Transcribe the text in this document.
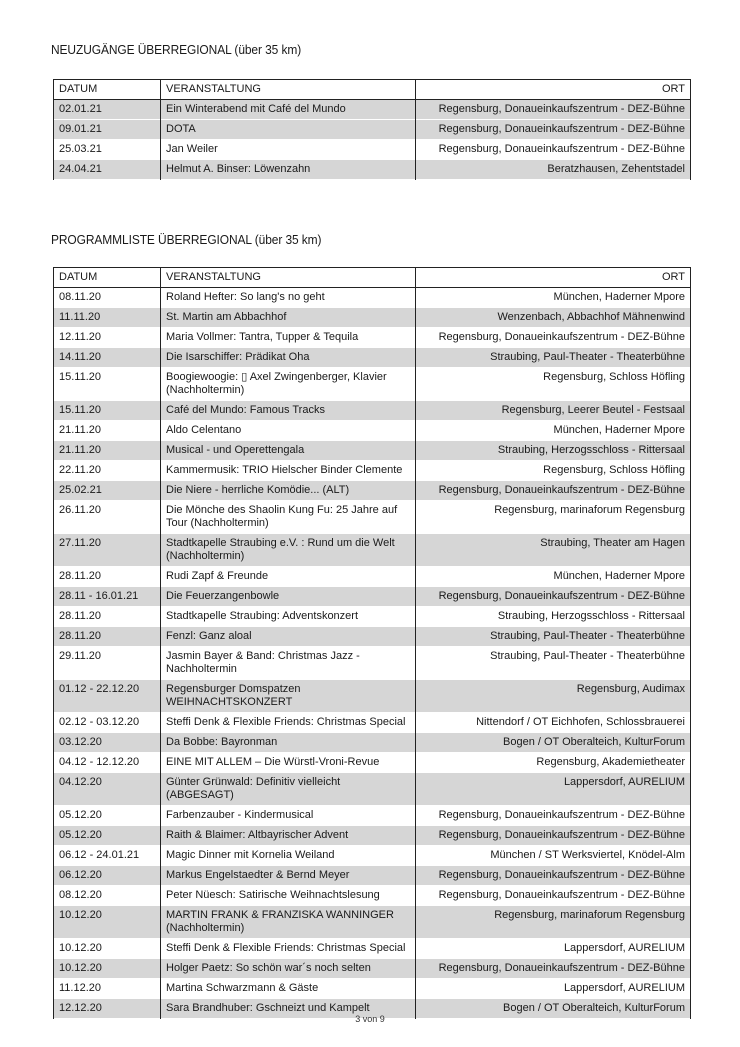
NEUZUGÄNGE ÜBERREGIONAL (über 35 km)
DATUM	VERANSTALTUNG	ORT
02.01.21	Ein Winterabend mit Café del Mundo	Regensburg, Donaueinkaufszentrum - DEZ-Bühne
09.01.21	DOTA	Regensburg, Donaueinkaufszentrum - DEZ-Bühne
25.03.21	Jan Weiler	Regensburg, Donaueinkaufszentrum - DEZ-Bühne
24.04.21	Helmut A. Binser: Löwenzahn	Beratzhausen, Zehentstadel
PROGRAMMLISTE ÜBERREGIONAL (über 35 km)
DATUM	VERANSTALTUNG	ORT
08.11.20	Roland Hefter: So lang's no geht	München, Haderner Mpore
11.11.20	St. Martin am Abbachhof	Wenzenbach, Abbachhof Mähnenwind
12.11.20	Maria Vollmer: Tantra, Tupper & Tequila	Regensburg, Donaueinkaufszentrum - DEZ-Bühne
14.11.20	Die Isarschiffer: Prädikat Oha	Straubing, Paul-Theater - Theaterbühne
15.11.20	Boogiewoogie: ▯ Axel Zwingenberger, Klavier (Nachholtermin)	Regensburg, Schloss Höfling
15.11.20	Café del Mundo: Famous Tracks	Regensburg, Leerer Beutel - Festsaal
21.11.20	Aldo Celentano	München, Haderner Mpore
21.11.20	Musical - und Operettengala	Straubing, Herzogsschloss - Rittersaal
22.11.20	Kammermusik: TRIO Hielscher Binder Clemente	Regensburg, Schloss Höfling
25.02.21	Die Niere - herrliche Komödie... (ALT)	Regensburg, Donaueinkaufszentrum - DEZ-Bühne
26.11.20	Die Mönche des Shaolin Kung Fu: 25 Jahre auf Tour (Nachholtermin)	Regensburg, marinaforum Regensburg
27.11.20	Stadtkapelle Straubing e.V. : Rund um die Welt (Nachholtermin)	Straubing, Theater am Hagen
28.11.20	Rudi Zapf & Freunde	München, Haderner Mpore
28.11 - 16.01.21	Die Feuerzangenbowle	Regensburg, Donaueinkaufszentrum - DEZ-Bühne
28.11.20	Stadtkapelle Straubing: Adventskonzert	Straubing, Herzogsschloss - Rittersaal
28.11.20	Fenzl: Ganz aloal	Straubing, Paul-Theater - Theaterbühne
29.11.20	Jasmin Bayer & Band: Christmas Jazz -Nachholtermin	Straubing, Paul-Theater - Theaterbühne
01.12 - 22.12.20	Regensburger Domspatzen WEIHNACHTSKONZERT	Regensburg, Audimax
02.12 - 03.12.20	Steffi Denk & Flexible Friends: Christmas Special	Nittendorf / OT Eichhofen, Schlossbrauerei
03.12.20	Da Bobbe: Bayronman	Bogen / OT Oberalteich, KulturForum
04.12 - 12.12.20	EINE MIT ALLEM – Die Würstl-Vroni-Revue	Regensburg, Akademietheater
04.12.20	Günter Grünwald: Definitiv vielleicht (ABGESAGT)	Lappersdorf, AURELIUM
05.12.20	Farbenzauber - Kindermusical	Regensburg, Donaueinkaufszentrum - DEZ-Bühne
05.12.20	Raith & Blaimer: Altbayrischer Advent	Regensburg, Donaueinkaufszentrum - DEZ-Bühne
06.12 - 24.01.21	Magic Dinner mit Kornelia Weiland	München / ST Werksviertel, Knödel-Alm
06.12.20	Markus Engelstaedter & Bernd Meyer	Regensburg, Donaueinkaufszentrum - DEZ-Bühne
08.12.20	Peter Nüesch: Satirische Weihnachtslesung	Regensburg, Donaueinkaufszentrum - DEZ-Bühne
10.12.20	MARTIN FRANK & FRANZISKA WANNINGER (Nachholtermin)	Regensburg, marinaforum Regensburg
10.12.20	Steffi Denk & Flexible Friends: Christmas Special	Lappersdorf, AURELIUM
10.12.20	Holger Paetz: So schön war´s noch selten	Regensburg, Donaueinkaufszentrum - DEZ-Bühne
11.12.20	Martina Schwarzmann & Gäste	Lappersdorf, AURELIUM
12.12.20	Sara Brandhuber: Gschneizt und Kampelt	Bogen / OT Oberalteich, KulturForum
3 von 9
